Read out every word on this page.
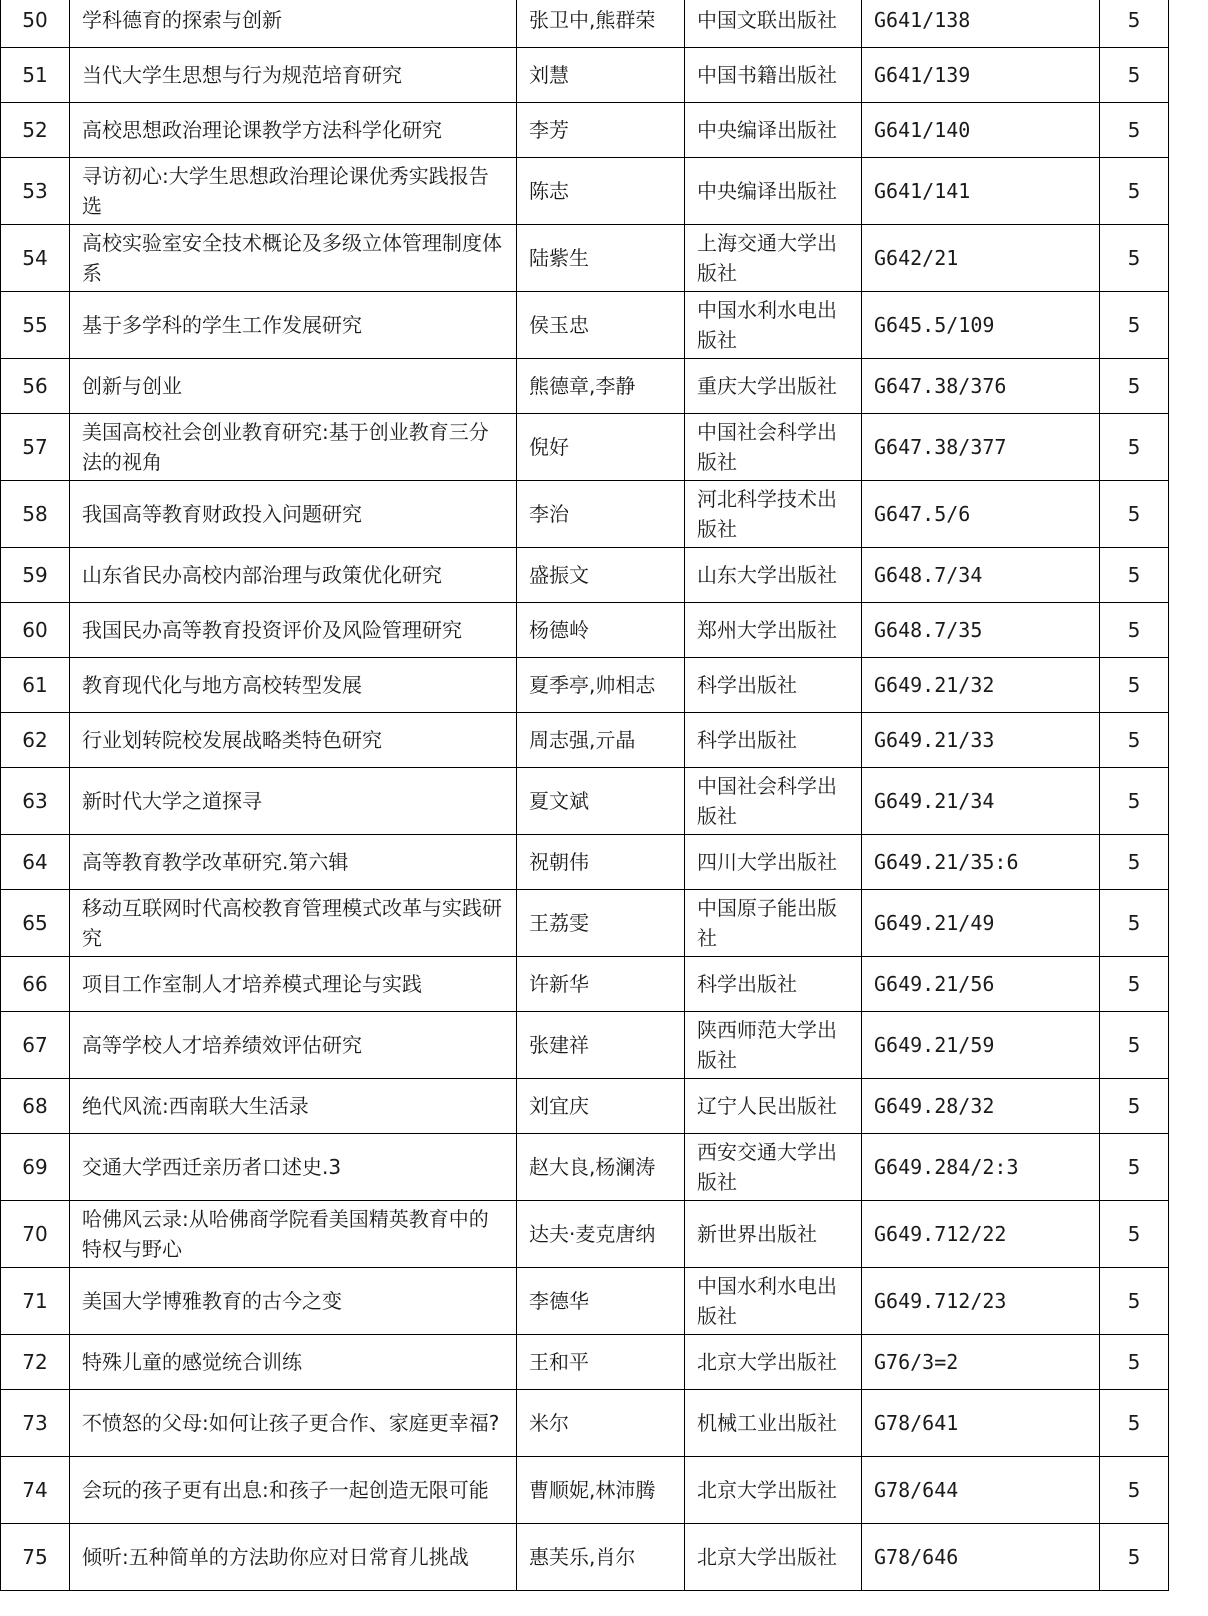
50	学科德育的探索与创新	张卫中,熊群荣	中国文联出版社	G641/138	5
51	当代大学生思想与行为规范培育研究	刘慧	中国书籍出版社	G641/139	5
52	高校思想政治理论课教学方法科学化研究	李芳	中央编译出版社	G641/140	5
53	寻访初心:大学生思想政治理论课优秀实践报告选	陈志	中央编译出版社	G641/141	5
54	高校实验室安全技术概论及多级立体管理制度体系	陆紫生	上海交通大学出版社	G642/21	5
55	基于多学科的学生工作发展研究	侯玉忠	中国水利水电出版社	G645.5/109	5
56	创新与创业	熊德章,李静	重庆大学出版社	G647.38/376	5
57	美国高校社会创业教育研究:基于创业教育三分法的视角	倪好	中国社会科学出版社	G647.38/377	5
58	我国高等教育财政投入问题研究	李治	河北科学技术出版社	G647.5/6	5
59	山东省民办高校内部治理与政策优化研究	盛振文	山东大学出版社	G648.7/34	5
60	我国民办高等教育投资评价及风险管理研究	杨德岭	郑州大学出版社	G648.7/35	5
61	教育现代化与地方高校转型发展	夏季亭,帅相志	科学出版社	G649.21/32	5
62	行业划转院校发展战略类特色研究	周志强,亓晶	科学出版社	G649.21/33	5
63	新时代大学之道探寻	夏文斌	中国社会科学出版社	G649.21/34	5
64	高等教育教学改革研究.第六辑	祝朝伟	四川大学出版社	G649.21/35:6	5
65	移动互联网时代高校教育管理模式改革与实践研究	王荔雯	中国原子能出版社	G649.21/49	5
66	项目工作室制人才培养模式理论与实践	许新华	科学出版社	G649.21/56	5
67	高等学校人才培养绩效评估研究	张建祥	陕西师范大学出版社	G649.21/59	5
68	绝代风流:西南联大生活录	刘宜庆	辽宁人民出版社	G649.28/32	5
69	交通大学西迁亲历者口述史.3	赵大良,杨澜涛	西安交通大学出版社	G649.284/2:3	5
70	哈佛风云录:从哈佛商学院看美国精英教育中的特权与野心	达夫·麦克唐纳	新世界出版社	G649.712/22	5
71	美国大学博雅教育的古今之变	李德华	中国水利水电出版社	G649.712/23	5
72	特殊儿童的感觉统合训练	王和平	北京大学出版社	G76/3=2	5
73	不愤怒的父母:如何让孩子更合作、家庭更幸福?	米尔	机械工业出版社	G78/641	5
74	会玩的孩子更有出息:和孩子一起创造无限可能	曹顺妮,林沛腾	北京大学出版社	G78/644	5
75	倾听:五种简单的方法助你应对日常育儿挑战	惠芙乐,肖尔	北京大学出版社	G78/646	5
